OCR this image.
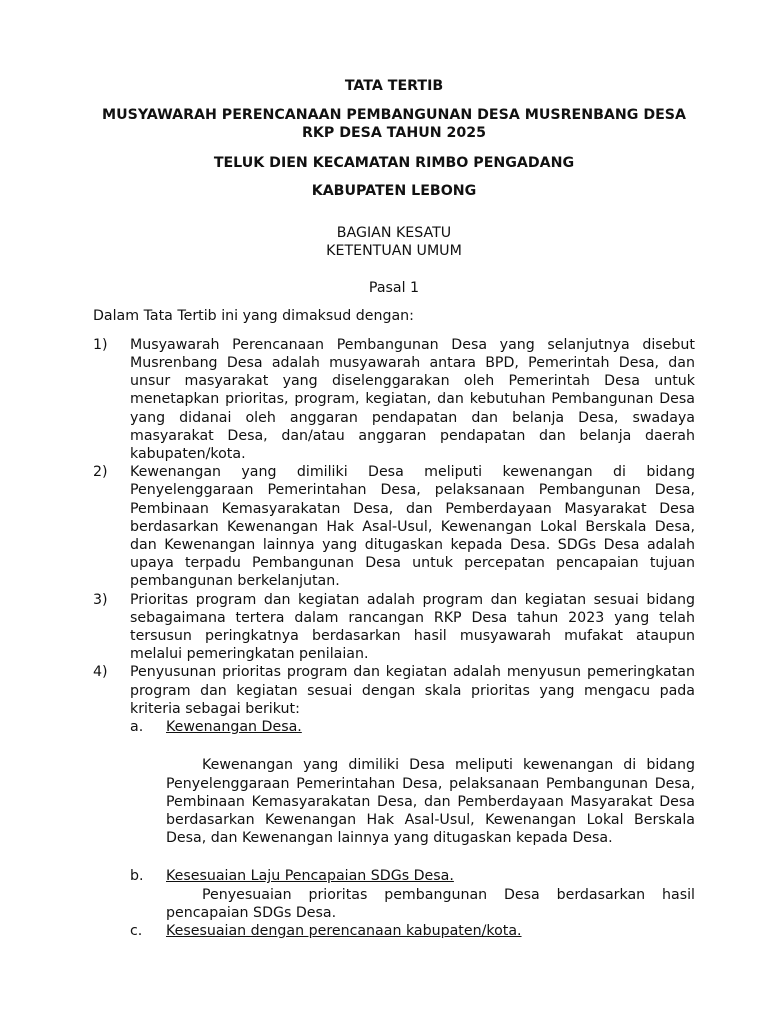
TATA TERTIB
MUSYAWARAH PERENCANAAN PEMBANGUNAN DESA MUSRENBANG DESA RKP DESA TAHUN 2025
TELUK DIEN KECAMATAN RIMBO PENGADANG
KABUPATEN LEBONG
BAGIAN KESATU
KETENTUAN UMUM
Pasal 1
Dalam Tata Tertib ini yang dimaksud dengan:
1)	Musyawarah Perencanaan Pembangunan Desa yang selanjutnya disebut Musrenbang Desa adalah musyawarah antara BPD, Pemerintah Desa, dan unsur masyarakat yang diselenggarakan oleh Pemerintah Desa untuk menetapkan prioritas, program, kegiatan, dan kebutuhan Pembangunan Desa yang didanai oleh anggaran pendapatan dan belanja Desa, swadaya masyarakat Desa, dan/atau anggaran pendapatan dan belanja daerah kabupaten/kota.
2)	Kewenangan yang dimiliki Desa meliputi kewenangan di bidang Penyelenggaraan Pemerintahan Desa, pelaksanaan Pembangunan Desa, Pembinaan Kemasyarakatan Desa, dan Pemberdayaan Masyarakat Desa berdasarkan Kewenangan Hak Asal-Usul, Kewenangan Lokal Berskala Desa, dan Kewenangan lainnya yang ditugaskan kepada Desa. SDGs Desa adalah upaya terpadu Pembangunan Desa untuk percepatan pencapaian tujuan pembangunan berkelanjutan.
3)	Prioritas program dan kegiatan adalah program dan kegiatan sesuai bidang sebagaimana tertera dalam rancangan RKP Desa tahun 2023 yang telah tersusun peringkatnya berdasarkan hasil musyawarah mufakat ataupun melalui pemeringkatan penilaian.
4)	Penyusunan prioritas program dan kegiatan adalah menyusun pemeringkatan program dan kegiatan sesuai dengan skala prioritas yang mengacu pada kriteria sebagai berikut:
a.	Kewenangan Desa.
Kewenangan yang dimiliki Desa meliputi kewenangan di bidang Penyelenggaraan Pemerintahan Desa, pelaksanaan Pembangunan Desa, Pembinaan Kemasyarakatan Desa, dan Pemberdayaan Masyarakat Desa berdasarkan Kewenangan Hak Asal-Usul, Kewenangan Lokal Berskala Desa, dan Kewenangan lainnya yang ditugaskan kepada Desa.
b.	Kesesuaian Laju Pencapaian SDGs Desa.
Penyesuaian prioritas pembangunan Desa berdasarkan hasil pencapaian SDGs Desa.
c.	Kesesuaian dengan perencanaan kabupaten/kota.
